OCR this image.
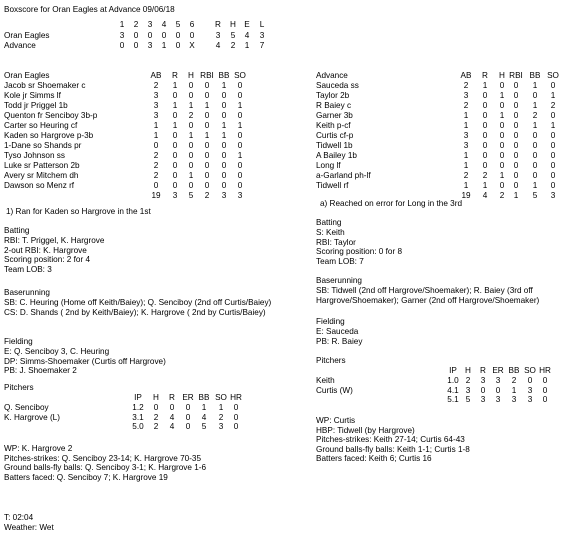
Boxscore for Oran Eagles at Advance 09/06/18
1	2	3	4	5	6	R	H	E	L
Oran Eagles	3	0	0	0	0	0	3	5	4	3
Advance	0	0	3	1	0	X	4	2	1	7
Oran Eagles	AB	R	H RBI BB SO
Jacob sr Shoemaker c	2	1	0	0	1	0
Kole jr Simms lf	3	0	0	0	0	0
Todd jr Priggel 1b	3	1	1	1	0	1
Quenton fr Senciboy 3b-p	3	0	2	0	0	0
Carter so Heuring cf	1	1	0	0	1	1
Kaden so Hargrove p-3b	1	0	1	1	1	0
1-Dane so Shands pr	0	0	0	0	0	0
Tyso Johnson ss	2	0	0	0	0	1
Luke sr Patterson 2b	2	0	0	0	0	0
Avery sr Mitchem dh	2	0	1	0	0	0
Dawson so Menz rf	0	0	0	0	0	0
19	3	5	2	3	3
Advance	AB	R	H RBI BB SO
Sauceda ss	2	1	0	0	1	0
Taylor 2b	3	0	1	0	0	1
R Baiey c	2	0	0	0	1	2
Garner 3b	1	0	1	0	2	0
Keith p-cf	1	0	0	0	1	1
Curtis cf-p	3	0	0	0	0	0
Tidwell 1b	3	0	0	0	0	0
A Bailey 1b	1	0	0	0	0	0
Long lf	1	0	0	0	0	0
a-Garland ph-lf	2	2	1	0	0	0
Tidwell rf	1	1	0	0	1	0
19	4	2	1	5	3
1) Ran for Kaden so Hargrove in the 1st
a) Reached on error for Long in the 3rd
Batting
RBI: T. Priggel, K. Hargrove
2-out RBI: K. Hargrove
Scoring position: 2 for 4
Team LOB: 3
Baserunning
SB: C. Heuring (Home off Keith/Baiey); Q. Senciboy (2nd off Curtis/Baiey)
CS: D. Shands ( 2nd by Keith/Baiey); K. Hargrove ( 2nd by Curtis/Baiey)
Fielding
E: Q. Senciboy 3, C. Heuring
DP: Simms-Shoemaker (Curtis off Hargrove)
PB: J. Shoemaker 2
Batting
S: Keith
RBI: Taylor
Scoring position: 0 for 8
Team LOB: 7
Baserunning
SB: Tidwell (2nd off Hargrove/Shoemaker); R. Baiey (3rd off Hargrove/Shoemaker); Garner (2nd off Hargrove/Shoemaker)
Fielding
E: Sauceda
PB: R. Baiey
Pitchers
IP	H	R ER BB SO HR
Q. Senciboy	1.2	0	0	0	1	1	0
K. Hargrove (L)	3.1	2	4	0	4	2	0
5.0	2	4	0	5	3	0
WP: K. Hargrove 2
Pitches-strikes: Q. Senciboy 23-14; K. Hargrove 70-35
Ground balls-fly balls: Q. Senciboy 3-1; K. Hargrove 1-6
Batters faced: Q. Senciboy 7; K. Hargrove 19
Pitchers
IP H	R ER BB SO HR
Keith	1.0 2	3	3	2	0	0
Curtis (W)	4.1 3	0	0	1	3	0
5.1 5	3	3	3	3	0
WP: Curtis
HBP: Tidwell (by Hargrove)
Pitches-strikes: Keith 27-14; Curtis 64-43
Ground balls-fly balls: Keith 1-1; Curtis 1-8
Batters faced: Keith 6; Curtis 16
T: 02:04
Weather: Wet
